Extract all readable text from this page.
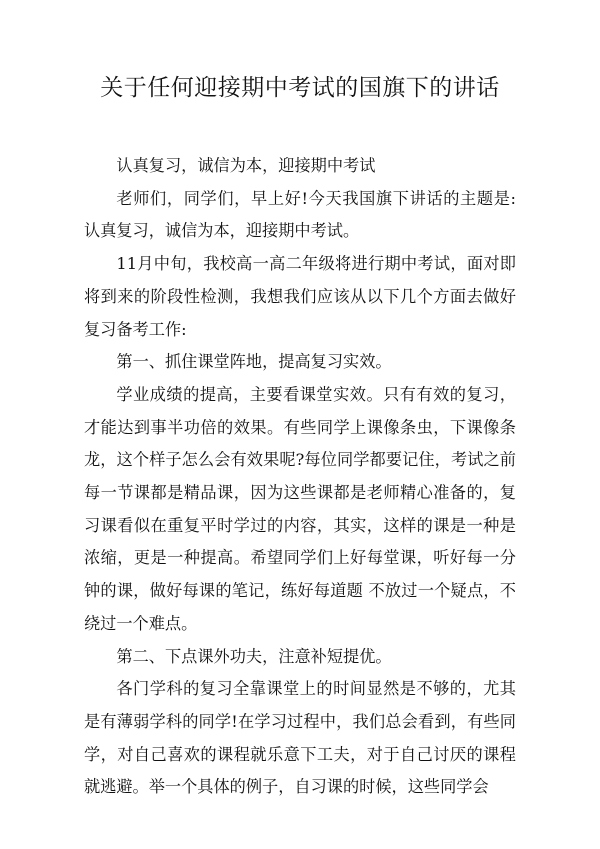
关于任何迎接期中考试的国旗下的讲话

认真复习，诚信为本，迎接期中考试

老师们，同学们，早上好!今天我国旗下讲话的主题是:认真复习，诚信为本，迎接期中考试。

11月中旬，我校高一高二年级将进行期中考试，面对即将到来的阶段性检测，我想我们应该从以下几个方面去做好复习备考工作:

第一、抓住课堂阵地，提高复习实效。

学业成绩的提高，主要看课堂实效。只有有效的复习，才能达到事半功倍的效果。有些同学上课像条虫，下课像条龙，这个样子怎么会有效果呢?每位同学都要记住，考试之前每一节课都是精品课，因为这些课都是老师精心准备的，复习课看似在重复平时学过的内容，其实，这样的课是一种是浓缩，更是一种提高。希望同学们上好每堂课，听好每一分钟的课，做好每课的笔记，练好每道题 不放过一个疑点，不绕过一个难点。

第二、下点课外功夫，注意补短提优。

各门学科的复习全靠课堂上的时间显然是不够的，尤其是有薄弱学科的同学!在学习过程中，我们总会看到，有些同学，对自己喜欢的课程就乐意下工夫，对于自己讨厌的课程就逃避。举一个具体的例子，自习课的时候，这些同学会
